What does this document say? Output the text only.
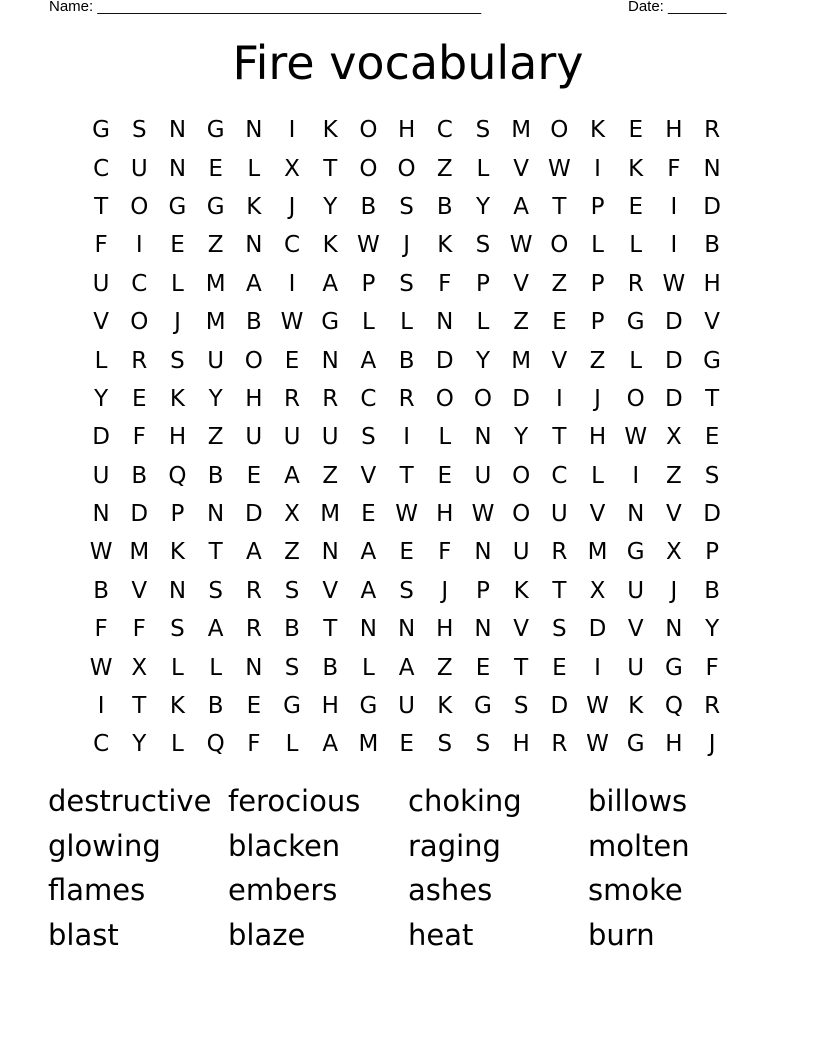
Name: ______________________________________________	Date: _______
Fire vocabulary
G S N G N	I	K O H C S M O K	E H R
C U N E	L	X	T O O Z	L	V W	I	K	F N
T O G G K	J	Y	B S	B	Y	A	T	P	E	I	D
F	I	E	Z N C K W	J	K	S W O L	L	I	B
U C	L M A	I	A	P	S	F	P	V Z	P	R W H
V O	J	M B W G L	L	N	L	Z	E	P G D V
L	R S U O E N A B D Y M V Z	L D G
Y	E	K	Y H R R C R O O D	I	J	O D T
D F H Z U U U S	I	L	N Y	T H W X	E
U B Q B	E	A Z V	T	E U O C	L	I	Z	S
N D P N D X M E W H W O U V N V D
W M K	T	A Z N A	E	F N U R M G X	P
B V N S R S	V A	S	J	P	K	T	X U	J	B
F	F	S	A R B	T N N H N V	S D V N Y
W X	L	L	N S	B	L	A Z	E	T	E	I	U G F
I	T	K B	E G H G U K G S D W K Q R
C	Y	L Q F	L	A M E	S	S H R W G H	J
destructive ferocious	choking	billows
glowing	blacken	raging	molten
flames	embers	ashes	smoke
blast	blaze	heat	burn
